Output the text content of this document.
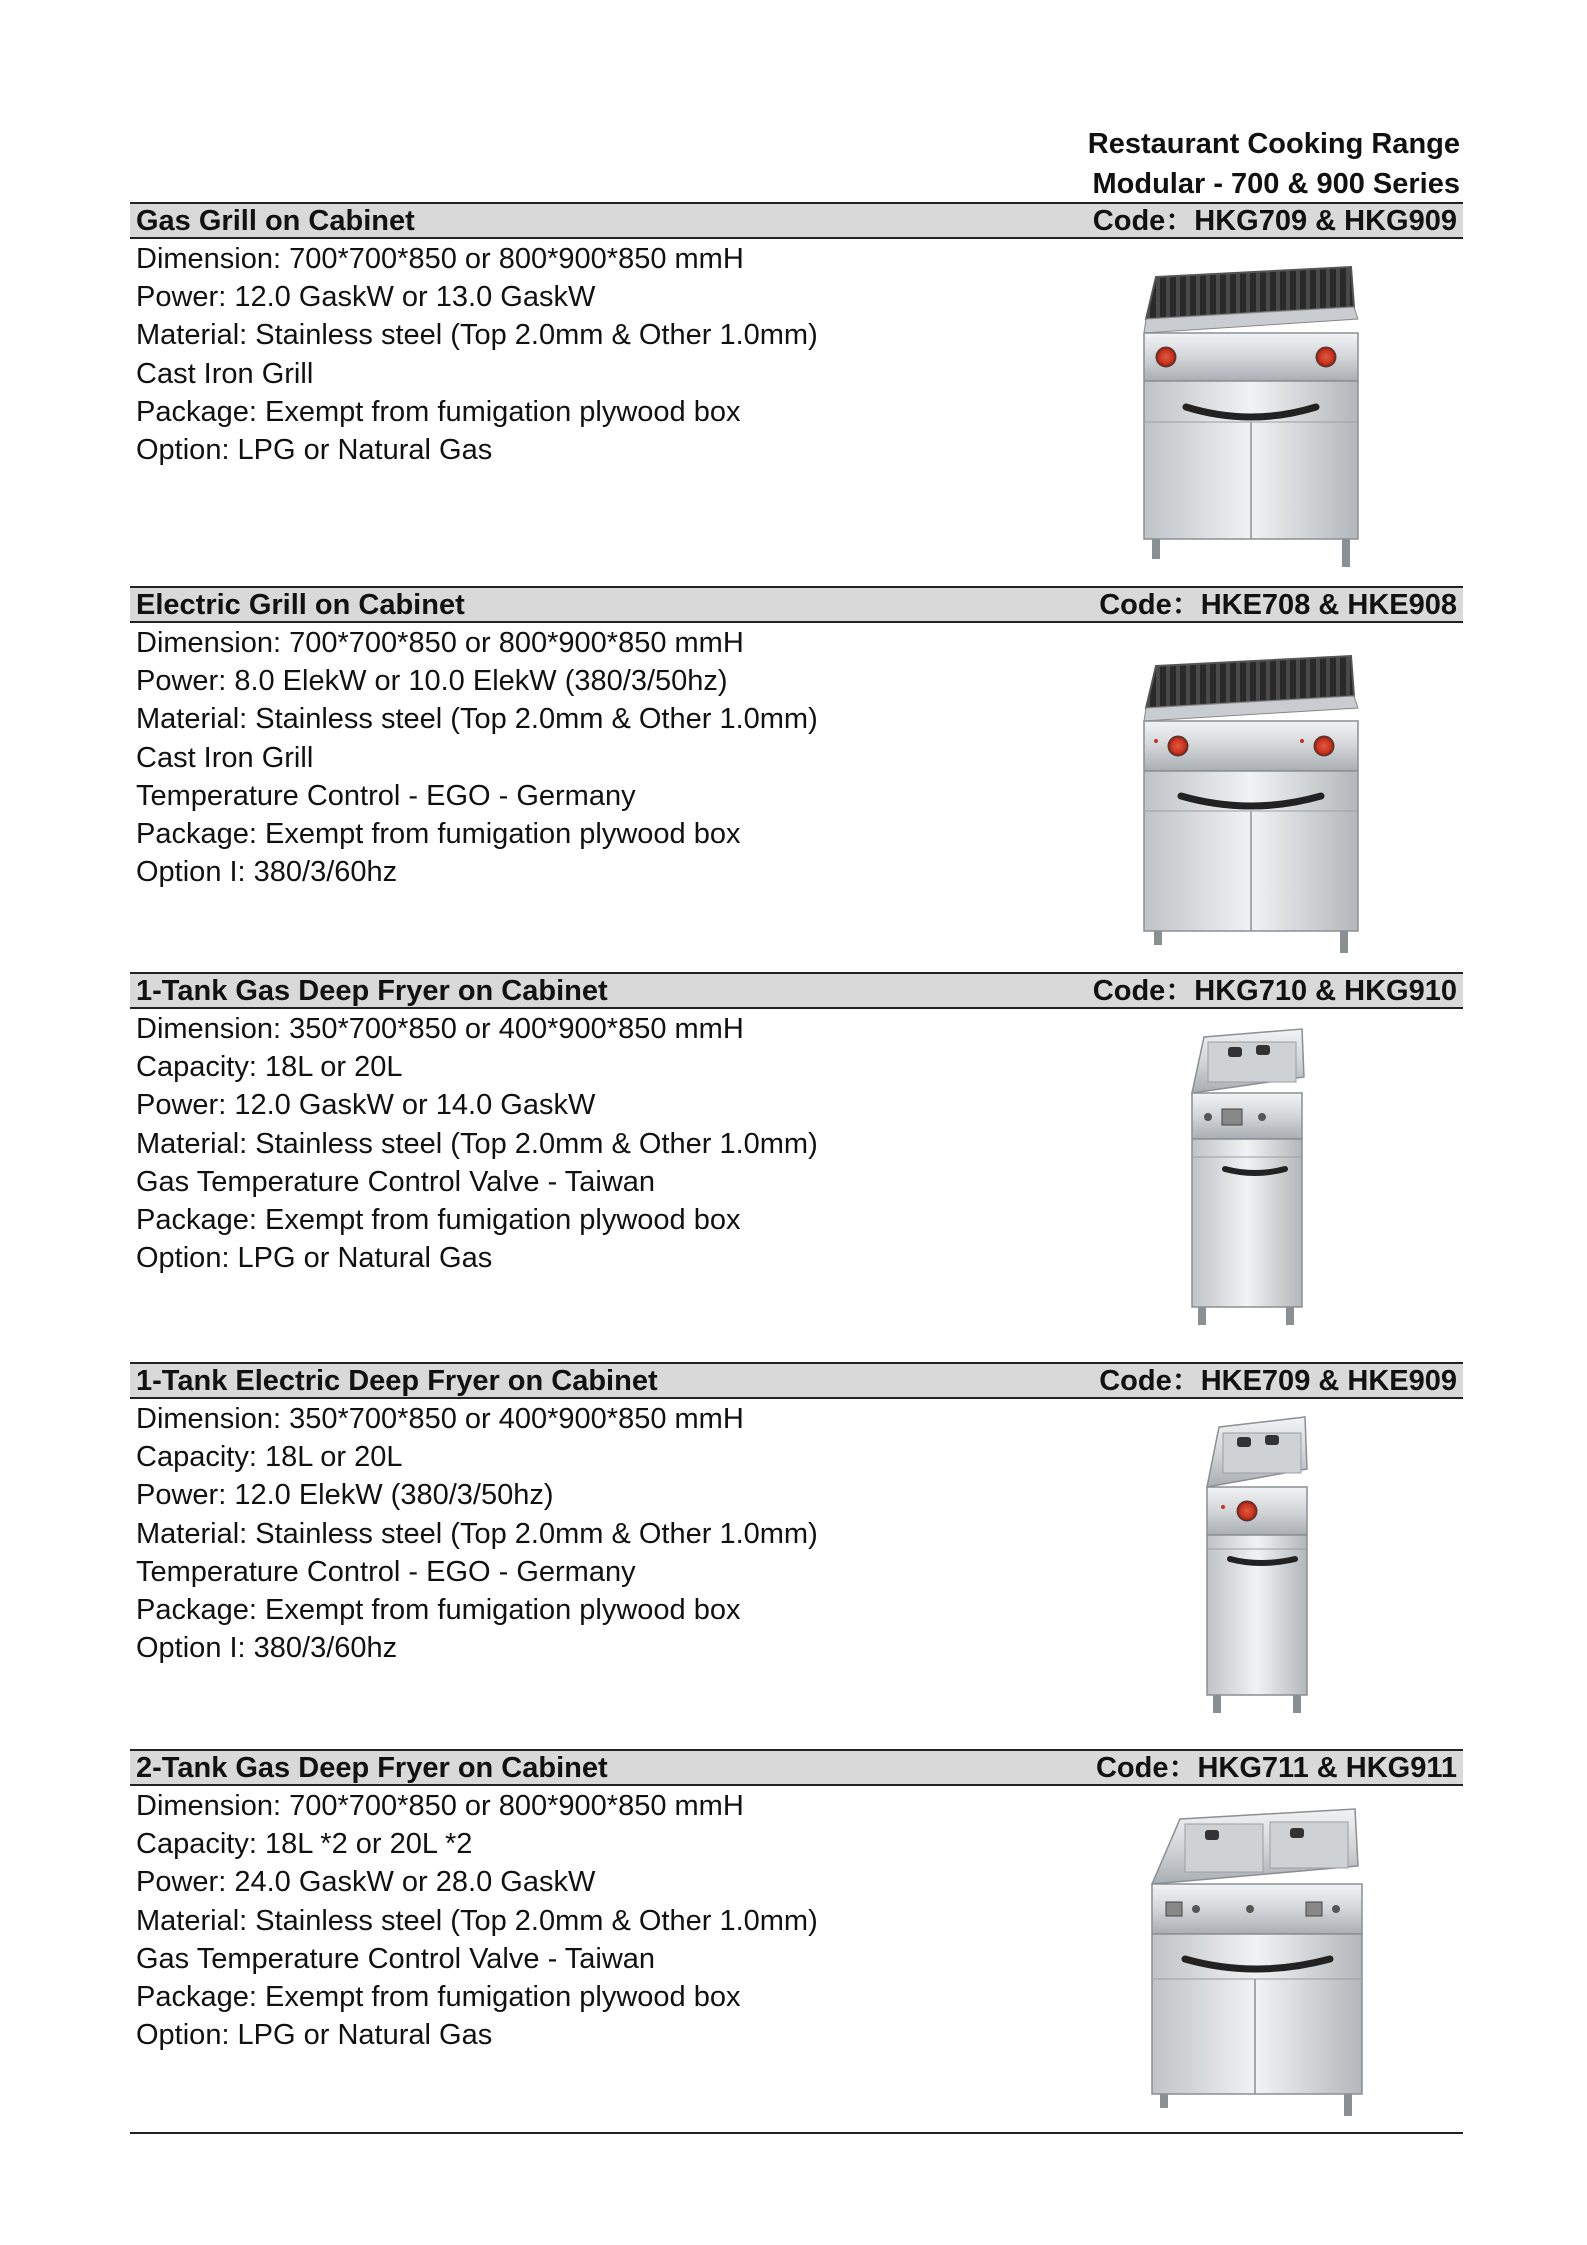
Restaurant Cooking Range
Modular - 700 & 900 Series
Gas Grill on Cabinet	Code：HKG709 & HKG909
Dimension: 700*700*850 or 800*900*850 mmH
Power: 12.0 GaskW or 13.0 GaskW
Material: Stainless steel (Top 2.0mm & Other 1.0mm)
Cast Iron Grill
Package: Exempt from fumigation plywood box
Option: LPG or Natural Gas
Electric Grill on Cabinet	Code：HKE708 & HKE908
Dimension: 700*700*850 or 800*900*850 mmH
Power: 8.0 ElekW or 10.0 ElekW (380/3/50hz)
Material: Stainless steel (Top 2.0mm & Other 1.0mm)
Cast Iron Grill
Temperature Control - EGO - Germany
Package: Exempt from fumigation plywood box
Option I: 380/3/60hz
1-Tank Gas Deep Fryer on Cabinet	Code：HKG710 & HKG910
Dimension: 350*700*850 or 400*900*850 mmH
Capacity: 18L or 20L
Power: 12.0 GaskW or 14.0 GaskW
Material: Stainless steel (Top 2.0mm & Other 1.0mm)
Gas Temperature Control Valve - Taiwan
Package: Exempt from fumigation plywood box
Option: LPG or Natural Gas
1-Tank Electric Deep Fryer on Cabinet	Code：HKE709 & HKE909
Dimension: 350*700*850 or 400*900*850 mmH
Capacity: 18L or 20L
Power: 12.0 ElekW (380/3/50hz)
Material: Stainless steel (Top 2.0mm & Other 1.0mm)
Temperature Control - EGO - Germany
Package: Exempt from fumigation plywood box
Option I: 380/3/60hz
2-Tank Gas Deep Fryer on Cabinet	Code：HKG711 & HKG911
Dimension: 700*700*850 or 800*900*850 mmH
Capacity: 18L *2 or 20L *2
Power: 24.0 GaskW or 28.0 GaskW
Material: Stainless steel (Top 2.0mm & Other 1.0mm)
Gas Temperature Control Valve - Taiwan
Package: Exempt from fumigation plywood box
Option: LPG or Natural Gas
